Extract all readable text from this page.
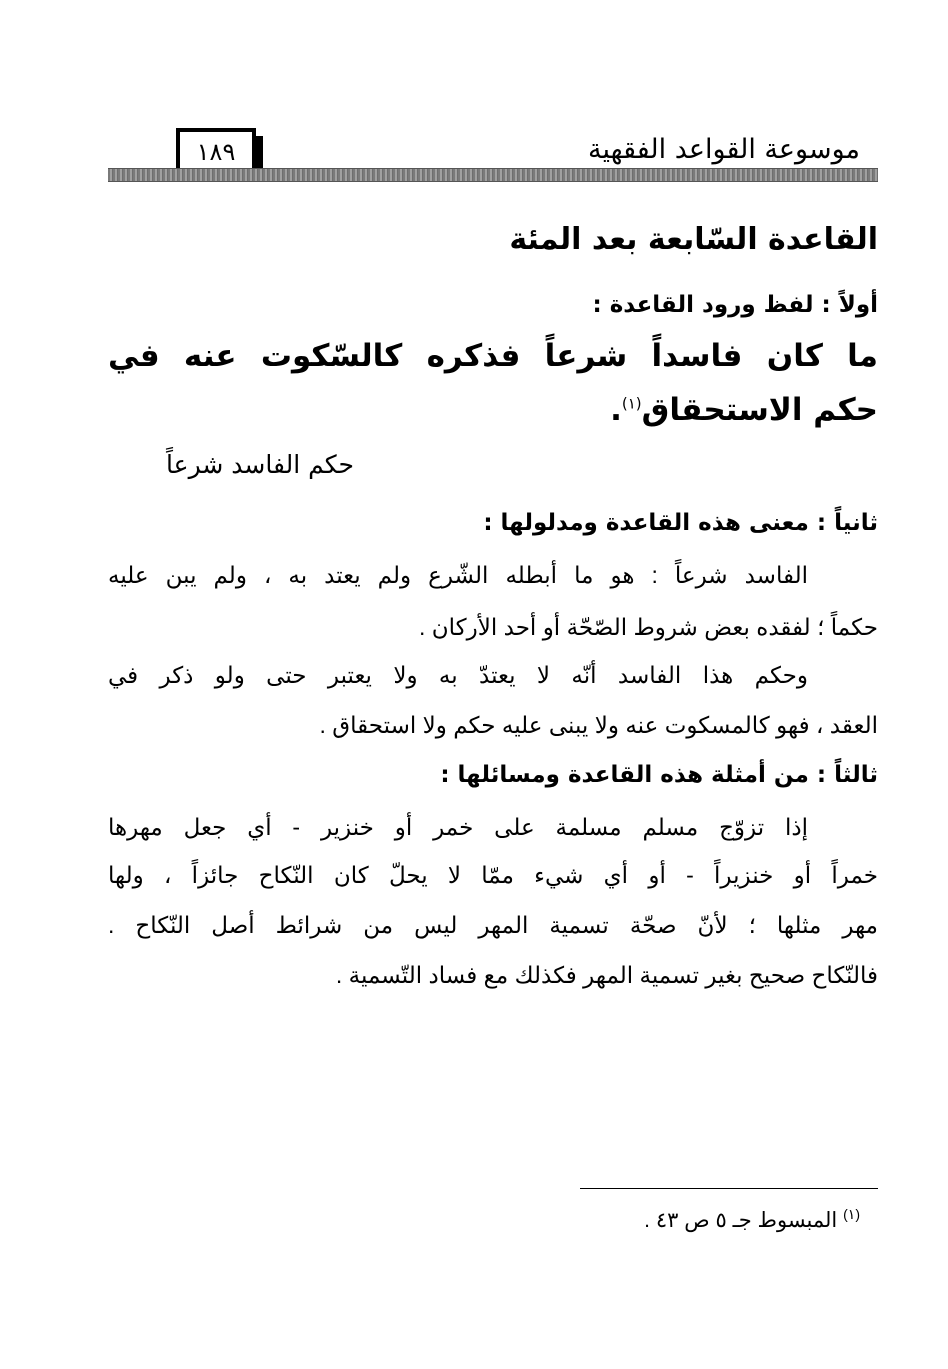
موسوعة القواعد الفقهية
١٨٩
القاعدة السّابعة بعد المئة
أولاً : لفظ ورود القاعدة :
ما كان فاسداً شرعاً فذكره كالسّكوت عنه في
حكم الاستحقاق$^{(١)}$.
حكم الفاسد شرعاً
ثانياً : معنى هذه القاعدة ومدلولها :
الفاسد شرعاً : هو ما أبطله الشّرع ولم يعتد به ، ولم يبن عليه
حكماً ؛ لفقده بعض شروط الصّحّة أو أحد الأركان .
وحكم هذا الفاسد أنّه لا يعتدّ به ولا يعتبر حتى ولو ذكر في
العقد ، فهو كالمسكوت عنه ولا يبنى عليه حكم ولا استحقاق .
ثالثاً : من أمثلة هذه القاعدة ومسائلها :
إذا تزوّج مسلم مسلمة على خمر أو خنزير - أي جعل مهرها
خمراً أو خنزيراً - أو أي شيء ممّا لا يحلّ كان النّكاح جائزاً ، ولها
مهر مثلها ؛ لأنّ صحّة تسمية المهر ليس من شرائط أصل النّكاح .
فالنّكاح صحيح بغير تسمية المهر فكذلك مع فساد التّسمية .
$^{(١)}$ المبسوط جـ ٥ ص ٤٣ .
